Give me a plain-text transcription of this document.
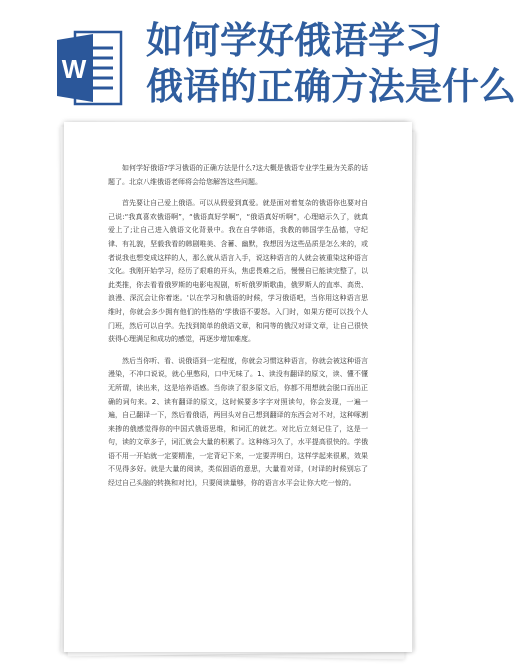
W
如何学好俄语学习
俄语的正确方法是什么

如何学好俄语?学习俄语的正确方法是什么?这大概是俄语专业学生最为关系的话题了。北京八维俄语老师将会给您解答这些问题。

首先要让自己爱上俄语。可以从假爱到真爱。就是面对着复杂的俄语你也要对自己说:“我真喜欢俄语啊”，“俄语真好学啊”，“俄语真好听啊”，心理暗示久了，就真爱上了;让自己进入俄语文化背景中。我在自学韩语，我教的韩国学生品德，守纪律、有礼貌，坚毅我看的韩剧唯美、含蓄、幽默，我想因为这些品质是怎么来的，或者说我也想变成这样的人，那么就从语言入手，说这种语言的人就会被重染这种语言文化。我刚开始学习，经历了艰难的开头，焦虑畏难之后，慢慢自已能读完整了，以此类推，你去看看俄罗斯的电影电视剧，听听俄罗斯歌曲，俄罗斯人的直率、高贵、浪漫、深沉会让你着迷。'以在学习和俄语的时候，学习俄语吧，当你用这种语言思维时，你就会多少拥有他们的性格的'学俄语不要怒。入门时，如果方便可以找个人门班，然后可以自学。先找到简单的俄语文章，和同等的俄汉对译文章，让自己很快获得心理满足和成功的感觉，再逐步增加难度。

然后当你听、看、说俄语到一定程度，你就会习惯这种语言，你就会被这种语言漫染，不冲口说说，就心里憋闷，口中无味了。1、读没有翻译的原文，读、懂不懂无所谓，读出来，这是培养语感。当你读了很多原文后，你都不用想就会脱口而出正确的词句来。2、读有翻译的原文，这时候要多字字对照读句，你会发现，一遍一遍，自己翻译一下，然后看俄语，两回头对自己想到翻译的东西会对不对，这种啄割来掺的俄感觉得你的中国式俄语思维，和词汇的就艺。对比后立刻记住了，这是一句，读的文章多子，词汇就会大量的积累了。这种练习久了，水平提高很快的。学俄语不用一开始就一定要精准，一定背记下来，一定要弄明白，这样学起来很累，效果不见得多好。就是大量的阅读，类似固语的意思，大量看对译，(对译的时候别忘了经过自己头脑的转换和对比)，只要阅读量够，你的语言水平会让你大吃一惊的。
